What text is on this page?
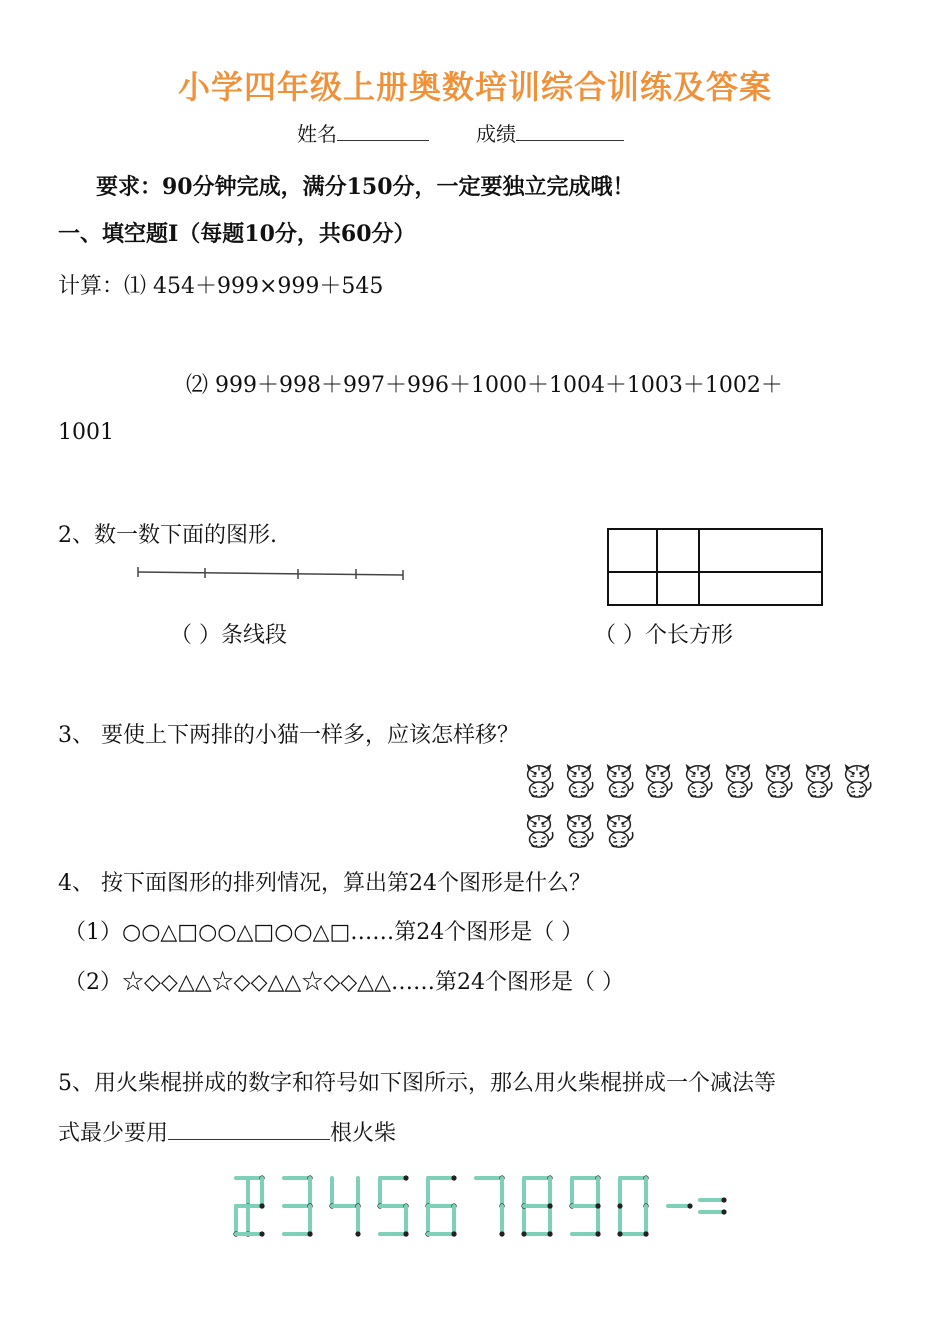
小学四年级上册奥数培训综合训练及答案
姓名	成绩
要求：90分钟完成，满分150分，一定要独立完成哦！
一、填空题Ⅰ（每题10分，共60分）
计算：⑴ 454＋999×999＋545
⑵ 999＋998＋997＋996＋1000＋1004＋1003＋1002＋
1001
2、数一数下面的图形.
（ ）条线段	（ ）个长方形
3、 要使上下两排的小猫一样多，应该怎样移？
4、 按下面图形的排列情况，算出第24个图形是什么？
（1）○○△□○○△□○○△□……第24个图形是（ ）
（2）☆◇◇△△☆◇◇△△☆◇◇△△……第24个图形是（ ）
5、用火柴棍拼成的数字和符号如下图所示，那么用火柴棍拼成一个减法等
式最少要用	根火柴
